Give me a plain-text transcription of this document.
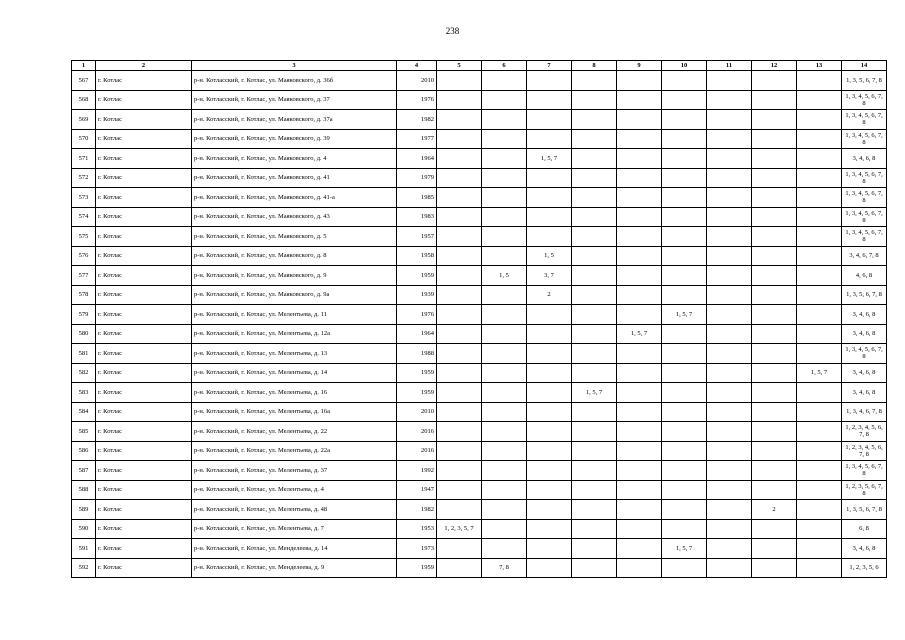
238
1	2	3	4	5	6	7	8	9	10	11	12	13	14
567	г. Котлас	р-н. Котласский, г. Котлас, ул. Маяковского, д. 36б	2010										1, 3, 5, 6, 7, 8
568	г. Котлас	р-н. Котласский, г. Котлас, ул. Маяковского, д. 37	1976										1, 3, 4, 5, 6, 7, 8
569	г. Котлас	р-н. Котласский, г. Котлас, ул. Маяковского, д. 37а	1982										1, 3, 4, 5, 6, 7, 8
570	г. Котлас	р-н. Котласский, г. Котлас, ул. Маяковского, д. 39	1977										1, 3, 4, 5, 6, 7, 8
571	г. Котлас	р-н. Котласский, г. Котлас, ул. Маяковского, д. 4	1964			1, 5, 7							3, 4, 6, 8
572	г. Котлас	р-н. Котласский, г. Котлас, ул. Маяковского, д. 41	1979										1, 3, 4, 5, 6, 7, 8
573	г. Котлас	р-н. Котласский, г. Котлас, ул. Маяковского, д. 41-а	1985										1, 3, 4, 5, 6, 7, 8
574	г. Котлас	р-н. Котласский, г. Котлас, ул. Маяковского, д. 43	1983										1, 3, 4, 5, 6, 7, 8
575	г. Котлас	р-н. Котласский, г. Котлас, ул. Маяковского, д. 5	1957										1, 3, 4, 5, 6, 7, 8
576	г. Котлас	р-н. Котласский, г. Котлас, ул. Маяковского, д. 8	1958			1, 5							3, 4, 6, 7, 8
577	г. Котлас	р-н. Котласский, г. Котлас, ул. Маяковского, д. 9	1959		1, 5	3, 7							4, 6, 8
578	г. Котлас	р-н. Котласский, г. Котлас, ул. Маяковского, д. 9а	1939			2							1, 3, 5, 6, 7, 8
579	г. Котлас	р-н. Котласский, г. Котлас, ул. Мелентьева, д. 11	1976						1, 5, 7				3, 4, 6, 8
580	г. Котлас	р-н. Котласский, г. Котлас, ул. Мелентьева, д. 12а	1964					1, 5, 7					3, 4, 6, 8
581	г. Котлас	р-н. Котласский, г. Котлас, ул. Мелентьева, д. 13	1988										1, 3, 4, 5, 6, 7, 8
582	г. Котлас	р-н. Котласский, г. Котлас, ул. Мелентьева, д. 14	1959									1, 5, 7	3, 4, 6, 8
583	г. Котлас	р-н. Котласский, г. Котлас, ул. Мелентьева, д. 16	1959				1, 5, 7						3, 4, 6, 8
584	г. Котлас	р-н. Котласский, г. Котлас, ул. Мелентьева, д. 16а	2010										1, 3, 4, 6, 7, 8
585	г. Котлас	р-н. Котласский, г. Котлас, ул. Мелентьева, д. 22	2016										1, 2, 3, 4, 5, 6, 7, 8
586	г. Котлас	р-н. Котласский, г. Котлас, ул. Мелентьева, д. 22а	2016										1, 2, 3, 4, 5, 6, 7, 8
587	г. Котлас	р-н. Котласский, г. Котлас, ул. Мелентьева, д. 37	1992										1, 3, 4, 5, 6, 7, 8
588	г. Котлас	р-н. Котласский, г. Котлас, ул. Мелентьева, д. 4	1947										1, 2, 3, 5, 6, 7, 8
589	г. Котлас	р-н. Котласский, г. Котлас, ул. Мелентьева, д. 48	1982								2		1, 3, 5, 6, 7, 8
590	г. Котлас	р-н. Котласский, г. Котлас, ул. Мелентьева, д. 7	1953	1, 2, 3, 5, 7									6, 8
591	г. Котлас	р-н. Котласский, г. Котлас, ул. Менделеева, д. 14	1973						1, 5, 7				3, 4, 6, 8
592	г. Котлас	р-н. Котласский, г. Котлас, ул. Менделеева, д. 9	1959		7, 8								1, 2, 3, 5, 6
